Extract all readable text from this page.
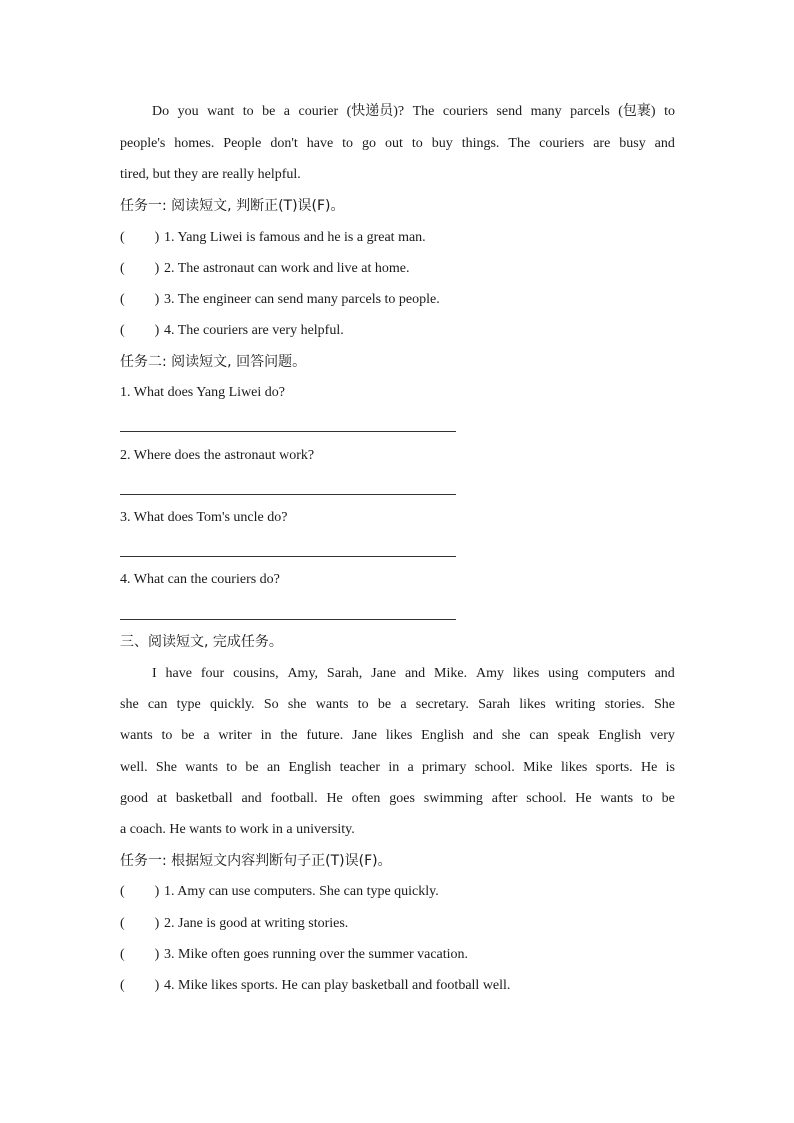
Do you want to be a courier (快递员)? The couriers send many parcels (包裹) to
people's homes. People don't have to go out to buy things. The couriers are busy and
tired, but they are really helpful.
任务一: 阅读短文, 判断正(T)误(F)。
( ) 1. Yang Liwei is famous and he is a great man.
( ) 2. The astronaut can work and live at home.
( ) 3. The engineer can send many parcels to people.
( ) 4. The couriers are very helpful.
任务二: 阅读短文, 回答问题。
1. What does Yang Liwei do?
2. Where does the astronaut work?
3. What does Tom's uncle do?
4. What can the couriers do?
三、阅读短文, 完成任务。
I have four cousins, Amy, Sarah, Jane and Mike. Amy likes using computers and
she can type quickly. So she wants to be a secretary. Sarah likes writing stories. She
wants to be a writer in the future. Jane likes English and she can speak English very
well. She wants to be an English teacher in a primary school. Mike likes sports. He is
good at basketball and football. He often goes swimming after school. He wants to be
a coach. He wants to work in a university.
任务一: 根据短文内容判断句子正(T)误(F)。
( ) 1. Amy can use computers. She can type quickly.
( ) 2. Jane is good at writing stories.
( ) 3. Mike often goes running over the summer vacation.
( ) 4. Mike likes sports. He can play basketball and football well.
